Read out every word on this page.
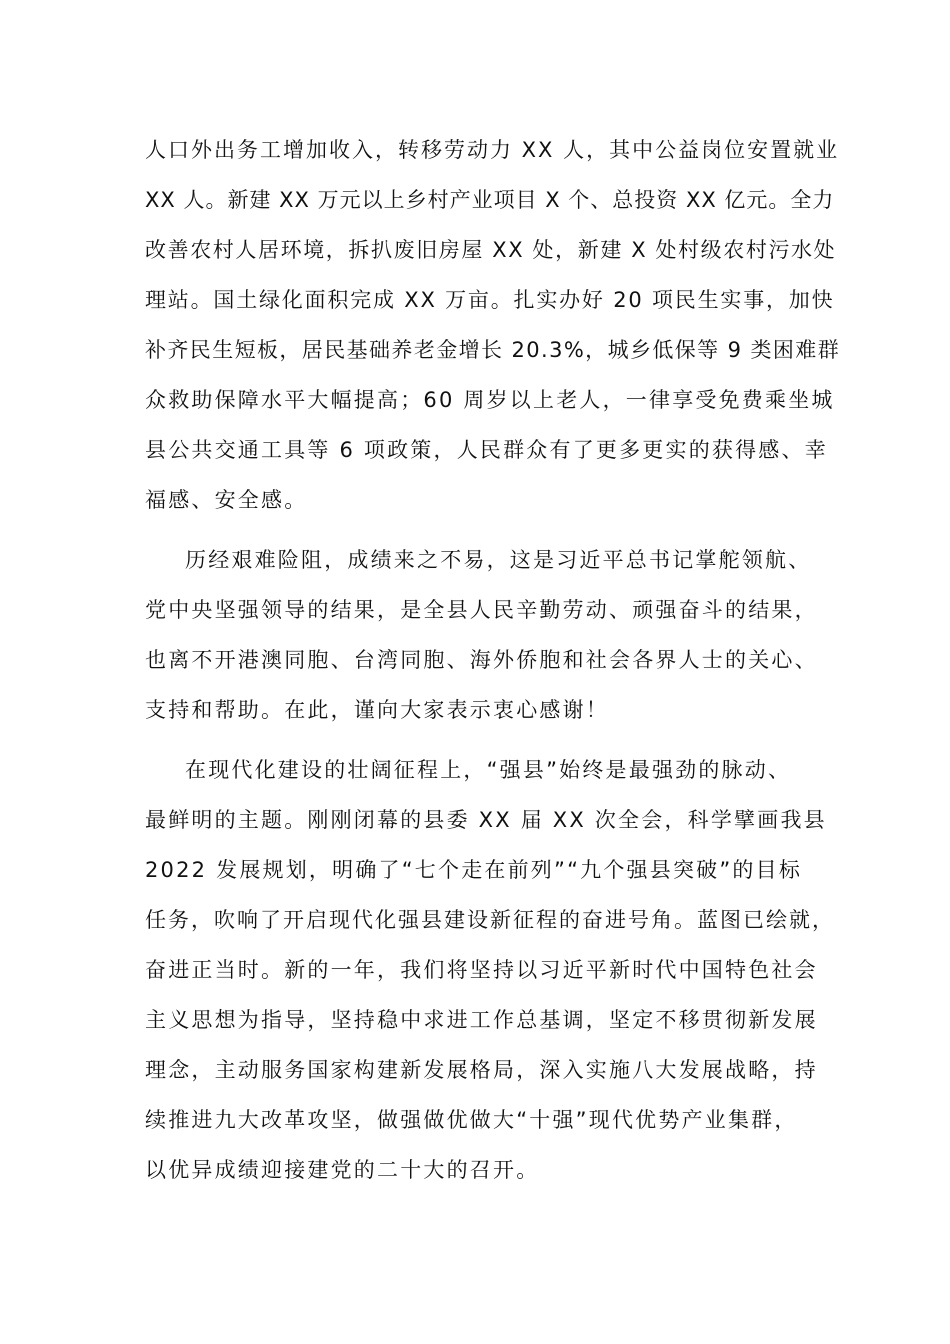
人口外出务工增加收入，转移劳动力 XX 人，其中公益岗位安置就业
XX 人。新建 XX 万元以上乡村产业项目 X 个、总投资 XX 亿元。全力
改善农村人居环境，拆扒废旧房屋 XX 处，新建 X 处村级农村污水处
理站。国土绿化面积完成 XX 万亩。扎实办好 20 项民生实事，加快
补齐民生短板，居民基础养老金增长 20.3%，城乡低保等 9 类困难群
众救助保障水平大幅提高；60 周岁以上老人，一律享受免费乘坐城
县公共交通工具等 6 项政策，人民群众有了更多更实的获得感、幸
福感、安全感。
历经艰难险阻，成绩来之不易，这是习近平总书记掌舵领航、
党中央坚强领导的结果，是全县人民辛勤劳动、顽强奋斗的结果，
也离不开港澳同胞、台湾同胞、海外侨胞和社会各界人士的关心、
支持和帮助。在此，谨向大家表示衷心感谢！
在现代化建设的壮阔征程上，“强县”始终是最强劲的脉动、
最鲜明的主题。刚刚闭幕的县委 XX 届 XX 次全会，科学擘画我县
2022 发展规划，明确了“七个走在前列”“九个强县突破”的目标
任务，吹响了开启现代化强县建设新征程的奋进号角。蓝图已绘就，
奋进正当时。新的一年，我们将坚持以习近平新时代中国特色社会
主义思想为指导，坚持稳中求进工作总基调，坚定不移贯彻新发展
理念，主动服务国家构建新发展格局，深入实施八大发展战略，持
续推进九大改革攻坚，做强做优做大“十强”现代优势产业集群，
以优异成绩迎接建党的二十大的召开。
